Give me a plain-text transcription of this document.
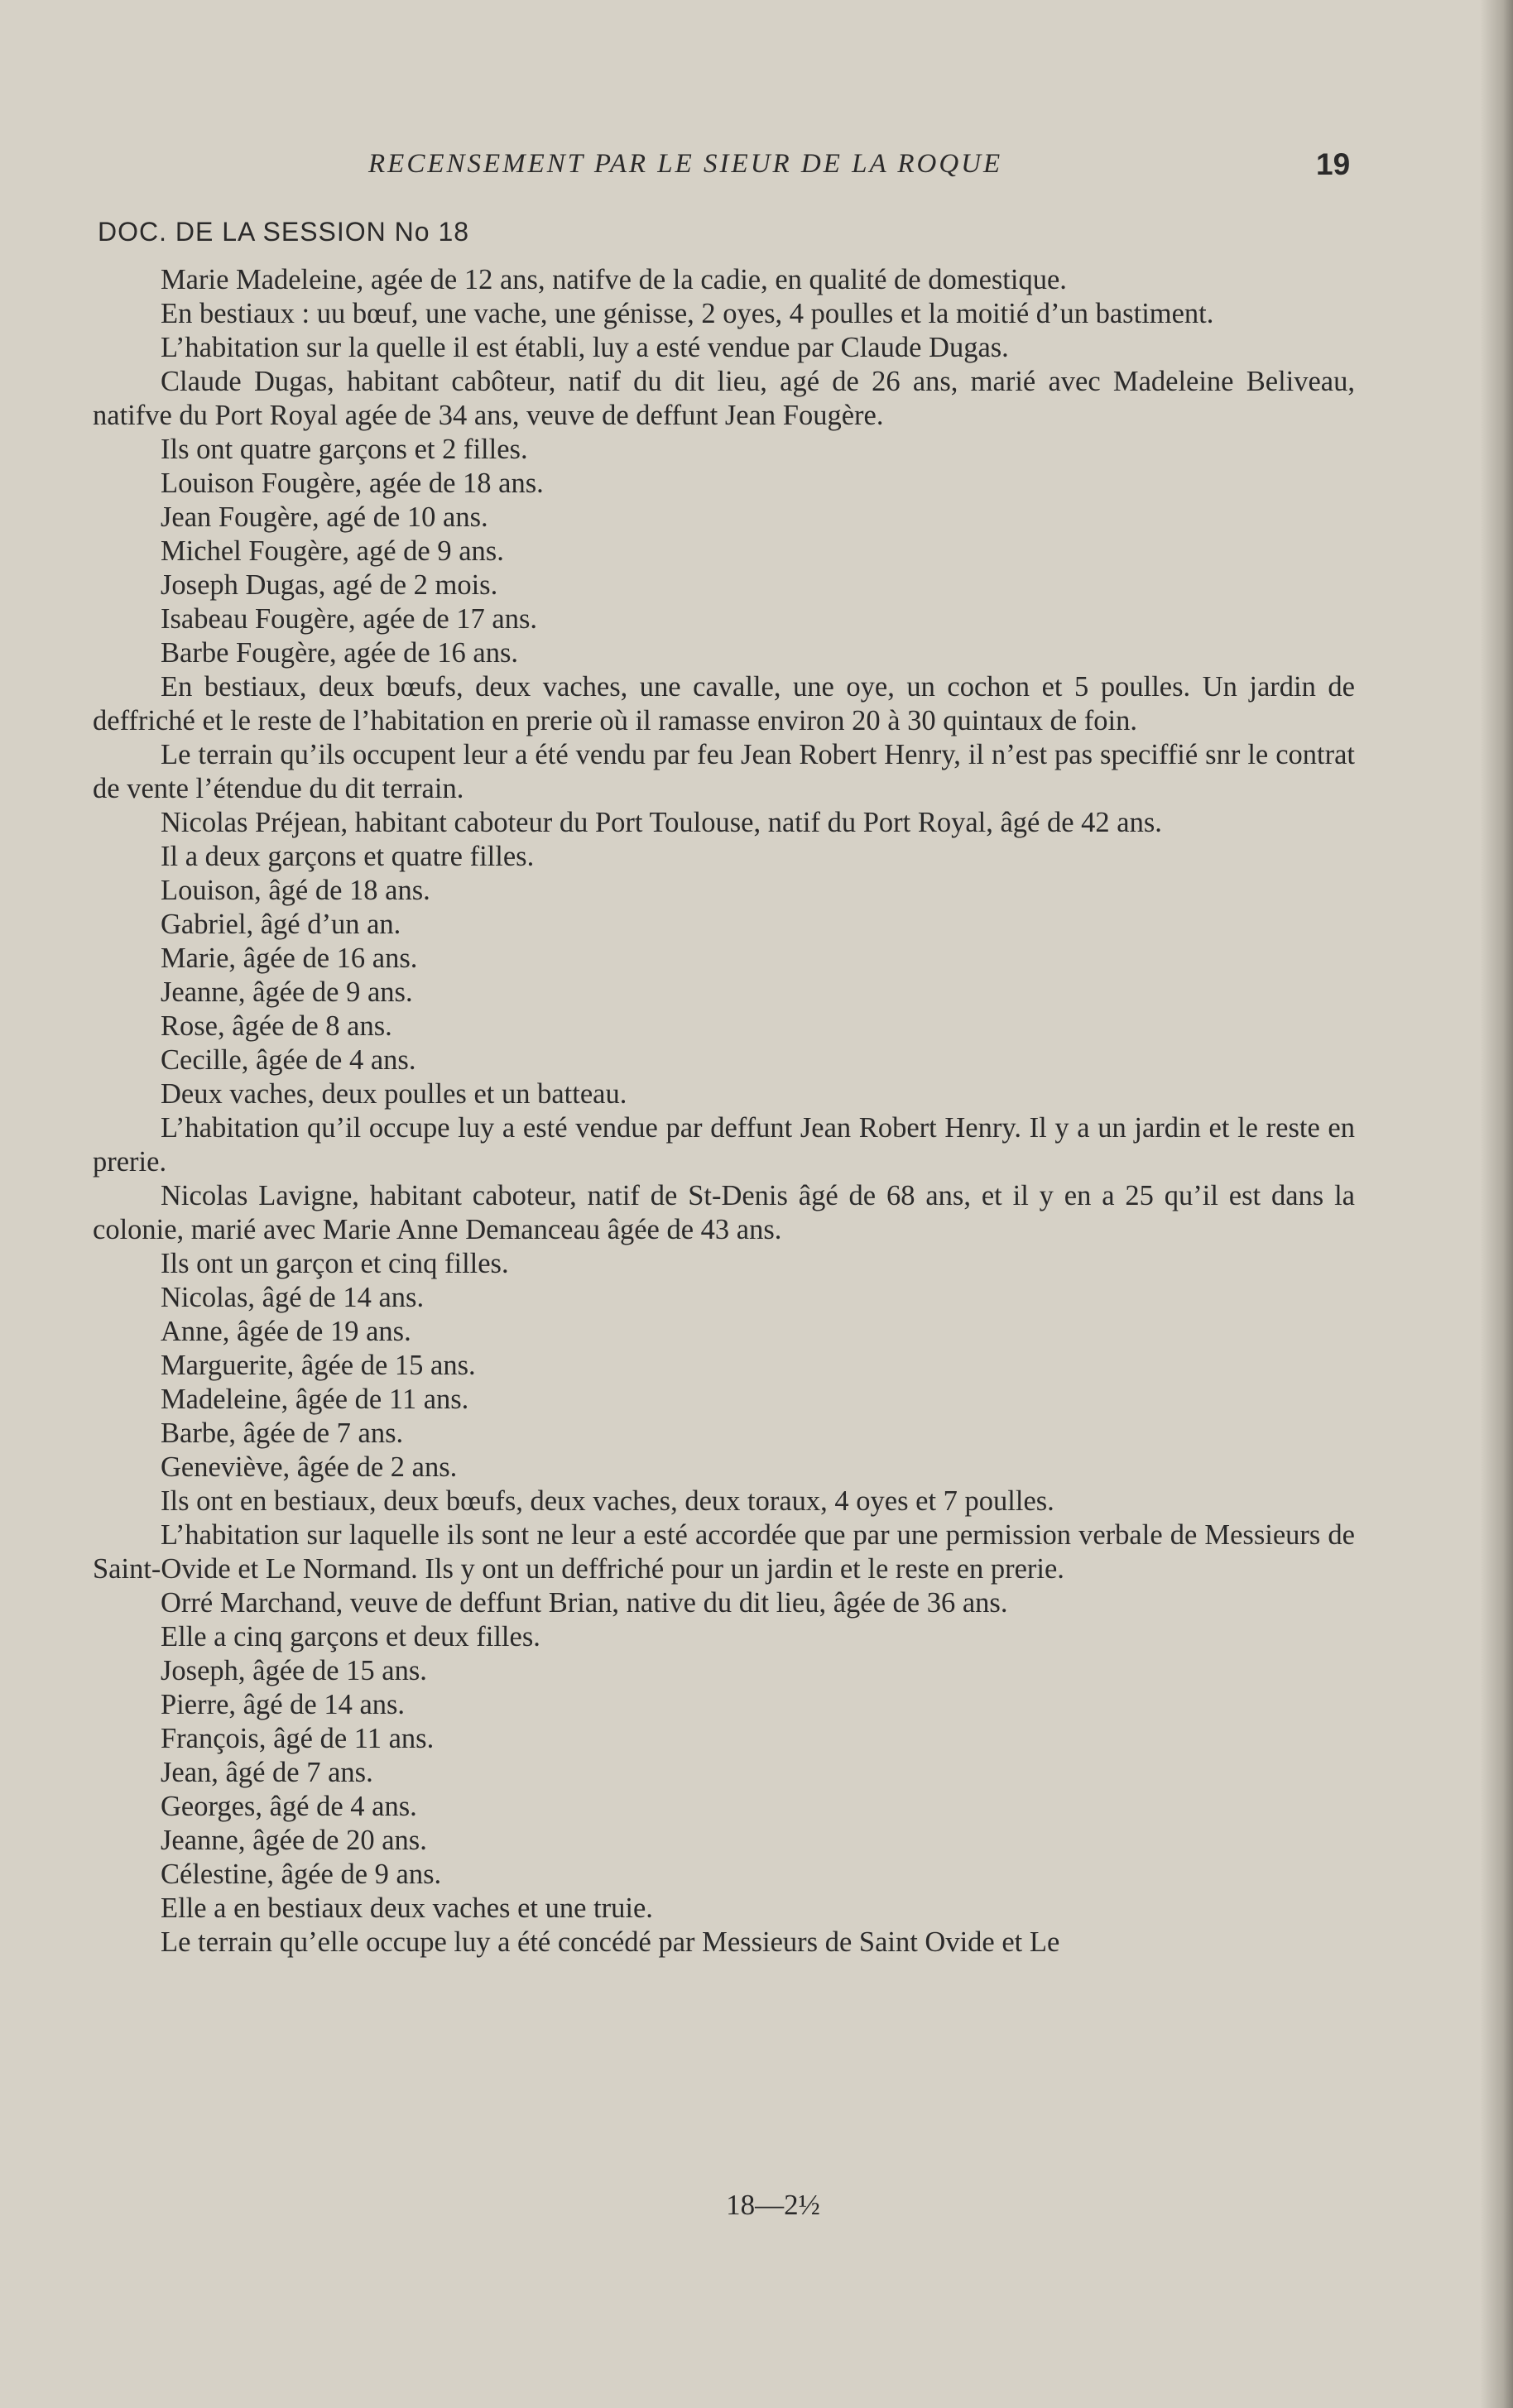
RECENSEMENT PAR LE SIEUR DE LA ROQUE	19
DOC. DE LA SESSION No 18

Marie Madeleine, agée de 12 ans, natifve de la cadie, en qualité de domestique.

En bestiaux : uu bœuf, une vache, une génisse, 2 oyes, 4 poulles et la moitié d’un bastiment.

L’habitation sur la quelle il est établi, luy a esté vendue par Claude Dugas.

Claude Dugas, habitant cabôteur, natif du dit lieu, agé de 26 ans, marié avec Madeleine Beliveau, natifve du Port Royal agée de 34 ans, veuve de deffunt Jean Fougère.

Ils ont quatre garçons et 2 filles.

Louison Fougère, agée de 18 ans.

Jean Fougère, agé de 10 ans.

Michel Fougère, agé de 9 ans.

Joseph Dugas, agé de 2 mois.

Isabeau Fougère, agée de 17 ans.

Barbe Fougère, agée de 16 ans.

En bestiaux, deux bœufs, deux vaches, une cavalle, une oye, un cochon et 5 poulles. Un jardin de deffriché et le reste de l’habitation en prerie où il ramasse environ 20 à 30 quintaux de foin.

Le terrain qu’ils occupent leur a été vendu par feu Jean Robert Henry, il n’est pas speciffié snr le contrat de vente l’étendue du dit terrain.

Nicolas Préjean, habitant caboteur du Port Toulouse, natif du Port Royal, âgé de 42 ans.

Il a deux garçons et quatre filles.

Louison, âgé de 18 ans.

Gabriel, âgé d’un an.

Marie, âgée de 16 ans.

Jeanne, âgée de 9 ans.

Rose, âgée de 8 ans.

Cecille, âgée de 4 ans.

Deux vaches, deux poulles et un batteau.

L’habitation qu’il occupe luy a esté vendue par deffunt Jean Robert Henry. Il y a un jardin et le reste en prerie.

Nicolas Lavigne, habitant caboteur, natif de St-Denis âgé de 68 ans, et il y en a 25 qu’il est dans la colonie, marié avec Marie Anne Demanceau âgée de 43 ans.

Ils ont un garçon et cinq filles.

Nicolas, âgé de 14 ans.

Anne, âgée de 19 ans.

Marguerite, âgée de 15 ans.

Madeleine, âgée de 11 ans.

Barbe, âgée de 7 ans.

Geneviève, âgée de 2 ans.

Ils ont en bestiaux, deux bœufs, deux vaches, deux toraux, 4 oyes et 7 poulles.

L’habitation sur laquelle ils sont ne leur a esté accordée que par une permission verbale de Messieurs de Saint-Ovide et Le Normand. Ils y ont un deffriché pour un jardin et le reste en prerie.

Orré Marchand, veuve de deffunt Brian, native du dit lieu, âgée de 36 ans.

Elle a cinq garçons et deux filles.

Joseph, âgée de 15 ans.

Pierre, âgé de 14 ans.

François, âgé de 11 ans.

Jean, âgé de 7 ans.

Georges, âgé de 4 ans.

Jeanne, âgée de 20 ans.

Célestine, âgée de 9 ans.

Elle a en bestiaux deux vaches et une truie.

Le terrain qu’elle occupe luy a été concédé par Messieurs de Saint Ovide et Le

18—2½
